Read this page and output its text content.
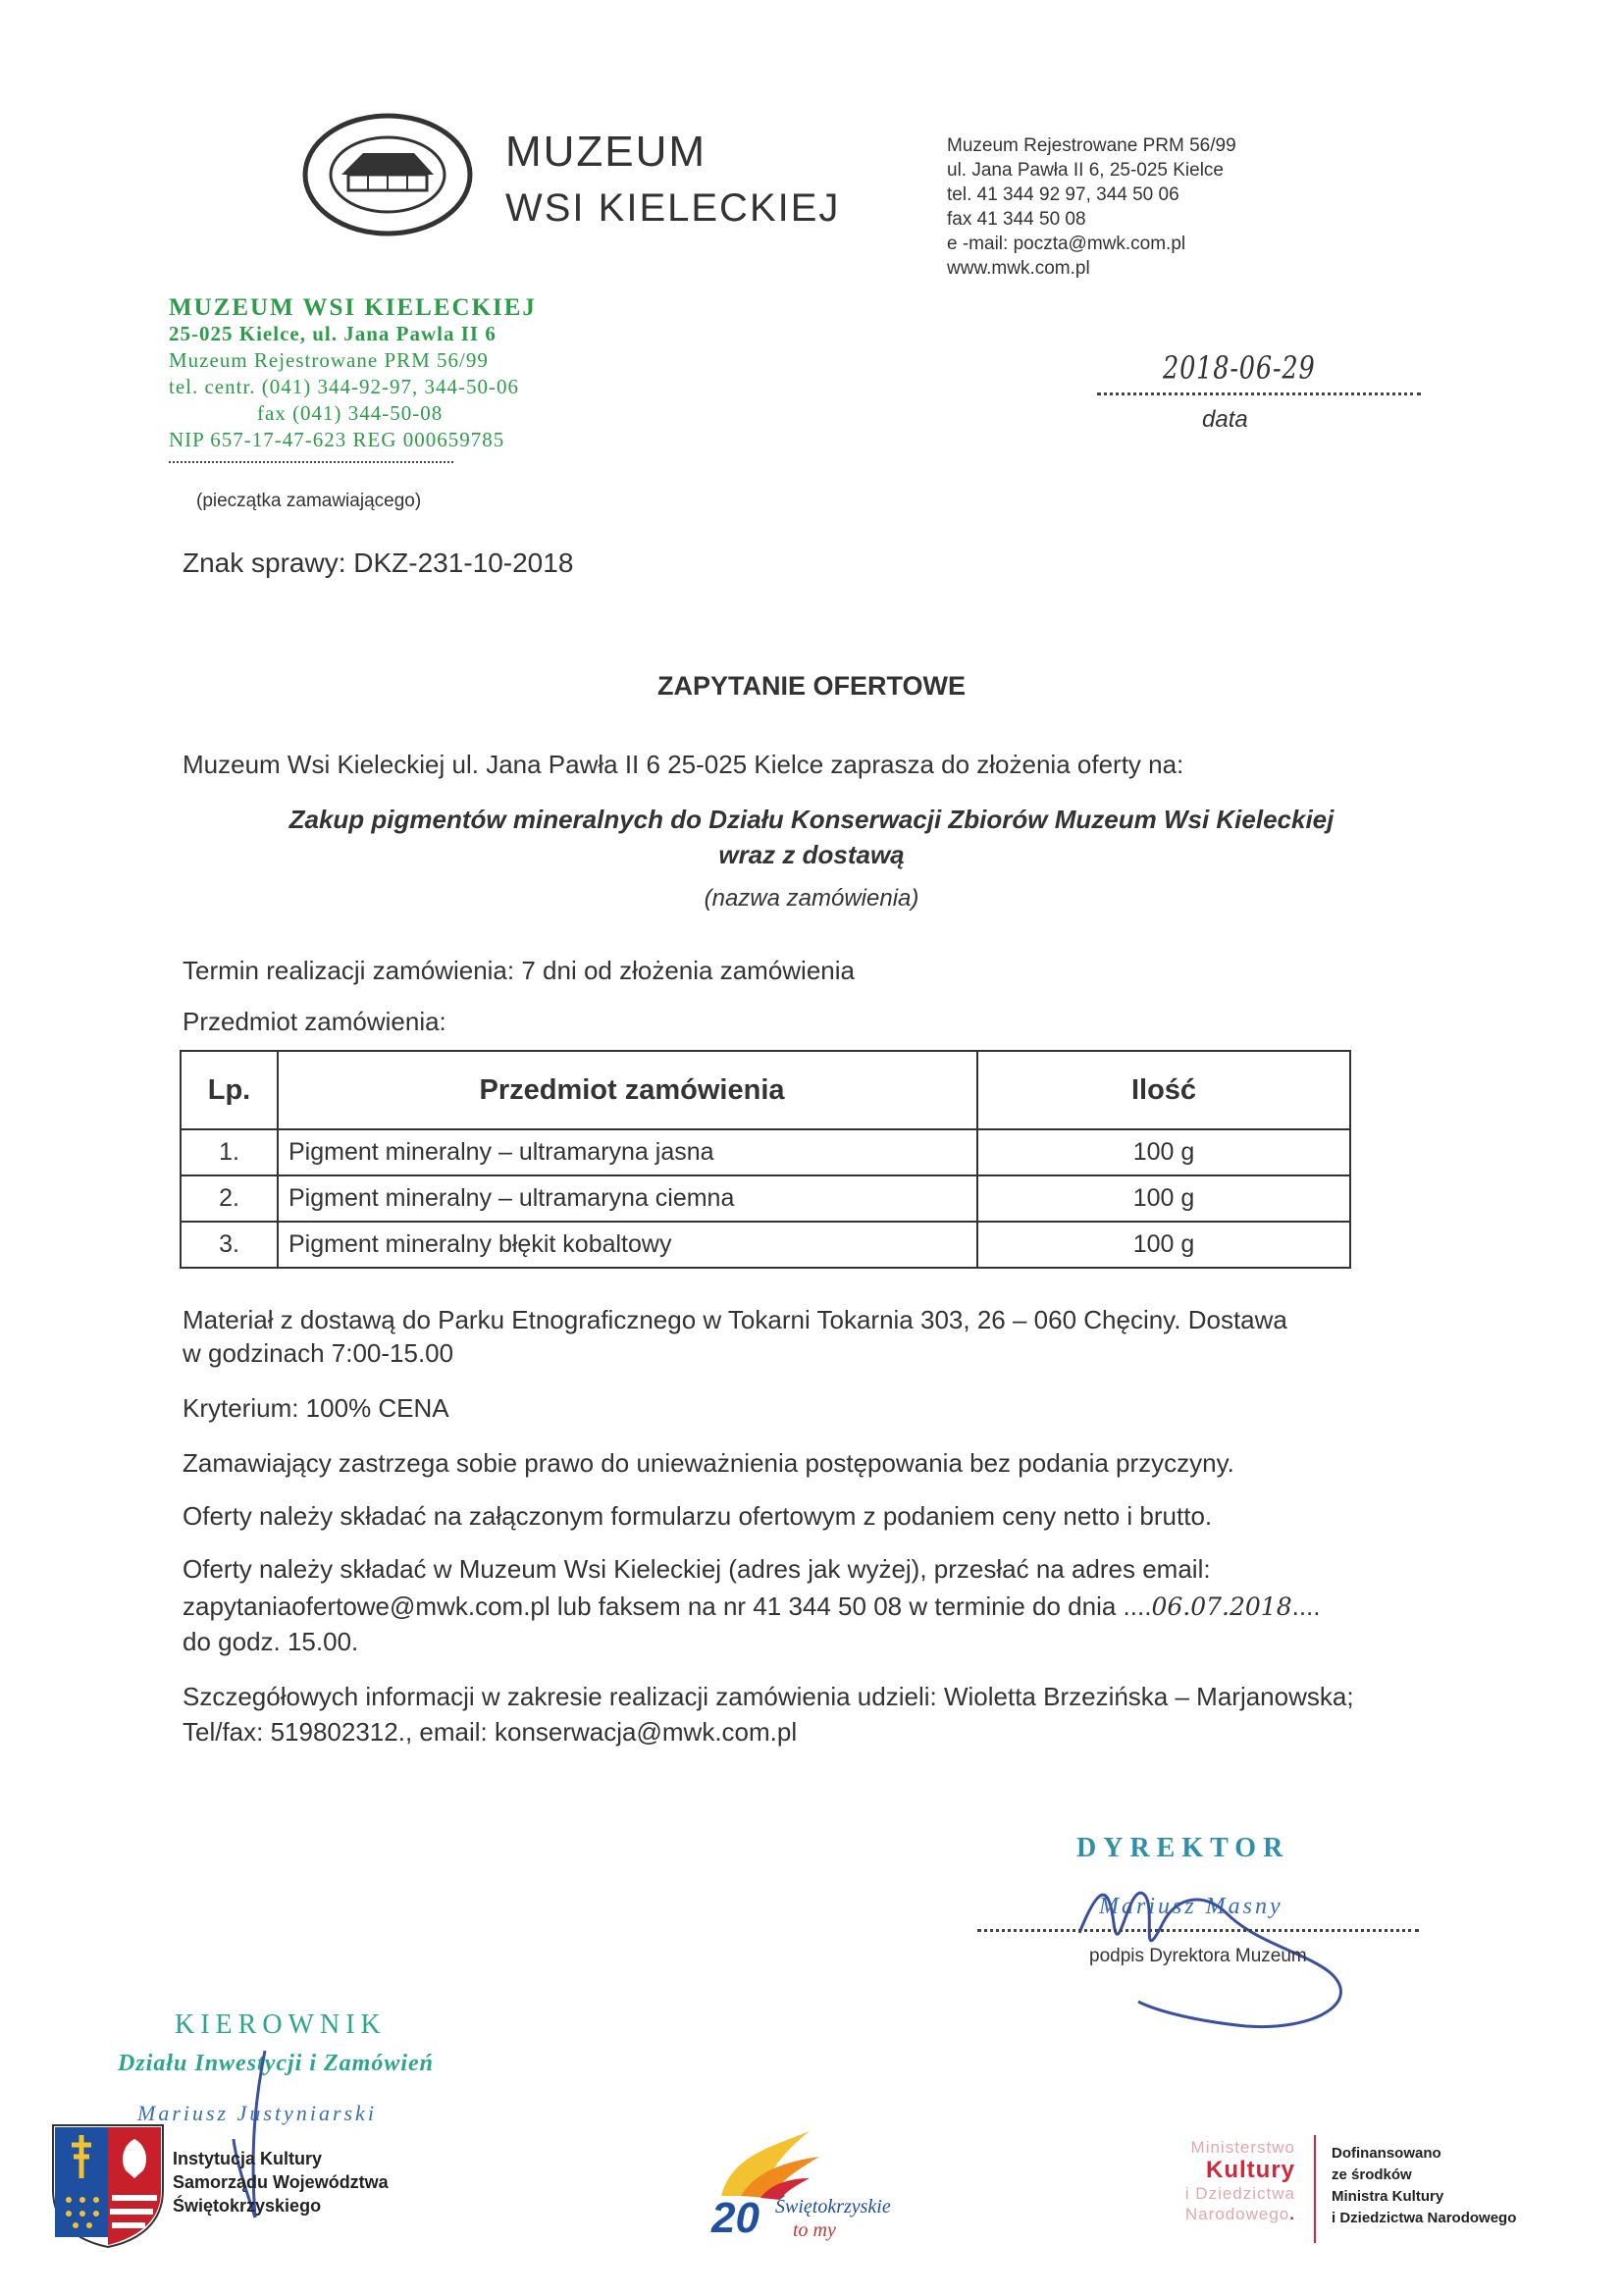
MUZEUM
WSI KIELECKIEJ
Muzeum Rejestrowane PRM 56/99
ul. Jana Pawła II 6, 25-025 Kielce
tel. 41 344 92 97, 344 50 06
fax 41 344 50 08
e -mail: poczta@mwk.com.pl
www.mwk.com.pl
MUZEUM WSI KIELECKIEJ
25-025 Kielce, ul. Jana Pawla II 6
Muzeum Rejestrowane PRM 56/99
tel. centr. (041) 344-92-97, 344-50-06
fax (041) 344-50-08
NIP 657-17-47-623 REG 000659785
(pieczątka zamawiającego)
2018-06-29
data
Znak sprawy: DKZ-231-10-2018
ZAPYTANIE OFERTOWE
Muzeum Wsi Kieleckiej ul. Jana Pawła II 6 25-025 Kielce zaprasza do złożenia oferty na:
Zakup pigmentów mineralnych do Działu Konserwacji Zbiorów Muzeum Wsi Kieleckiej
wraz z dostawą
(nazwa zamówienia)
Termin realizacji zamówienia: 7 dni od złożenia zamówienia
Przedmiot zamówienia:
Lp.	Przedmiot zamówienia	Ilość
1.	Pigment mineralny – ultramaryna jasna	100 g
2.	Pigment mineralny – ultramaryna ciemna	100 g
3.	Pigment mineralny błękit kobaltowy	100 g
Materiał z dostawą do Parku Etnograficznego w Tokarni Tokarnia 303, 26 – 060 Chęciny. Dostawa
w godzinach 7:00-15.00
Kryterium: 100% CENA
Zamawiający zastrzega sobie prawo do unieważnienia postępowania bez podania przyczyny.
Oferty należy składać na załączonym formularzu ofertowym z podaniem ceny netto i brutto.
Oferty należy składać w Muzeum Wsi Kieleckiej (adres jak wyżej), przesłać na adres email:
zapytaniaofertowe@mwk.com.pl lub faksem na nr 41 344 50 08 w terminie do dnia ....06.07.2018....
do godz. 15.00.
Szczegółowych informacji w zakresie realizacji zamówienia udzieli: Wioletta Brzezińska – Marjanowska;
Tel/fax: 519802312., email: konserwacja@mwk.com.pl
DYREKTOR
Mariusz Masny
podpis Dyrektora Muzeum
KIEROWNIK
Działu Inwestycji i Zamówień
Mariusz Justyniarski
Instytucja Kultury
Samorządu Województwa
Świętokrzyskiego	20 Świętokrzyskie
to my
Ministerstwo
Kultury
i Dziedzictwa
Narodowego.
Dofinansowano
ze środków
Ministra Kultury
i Dziedzictwa Narodowego
